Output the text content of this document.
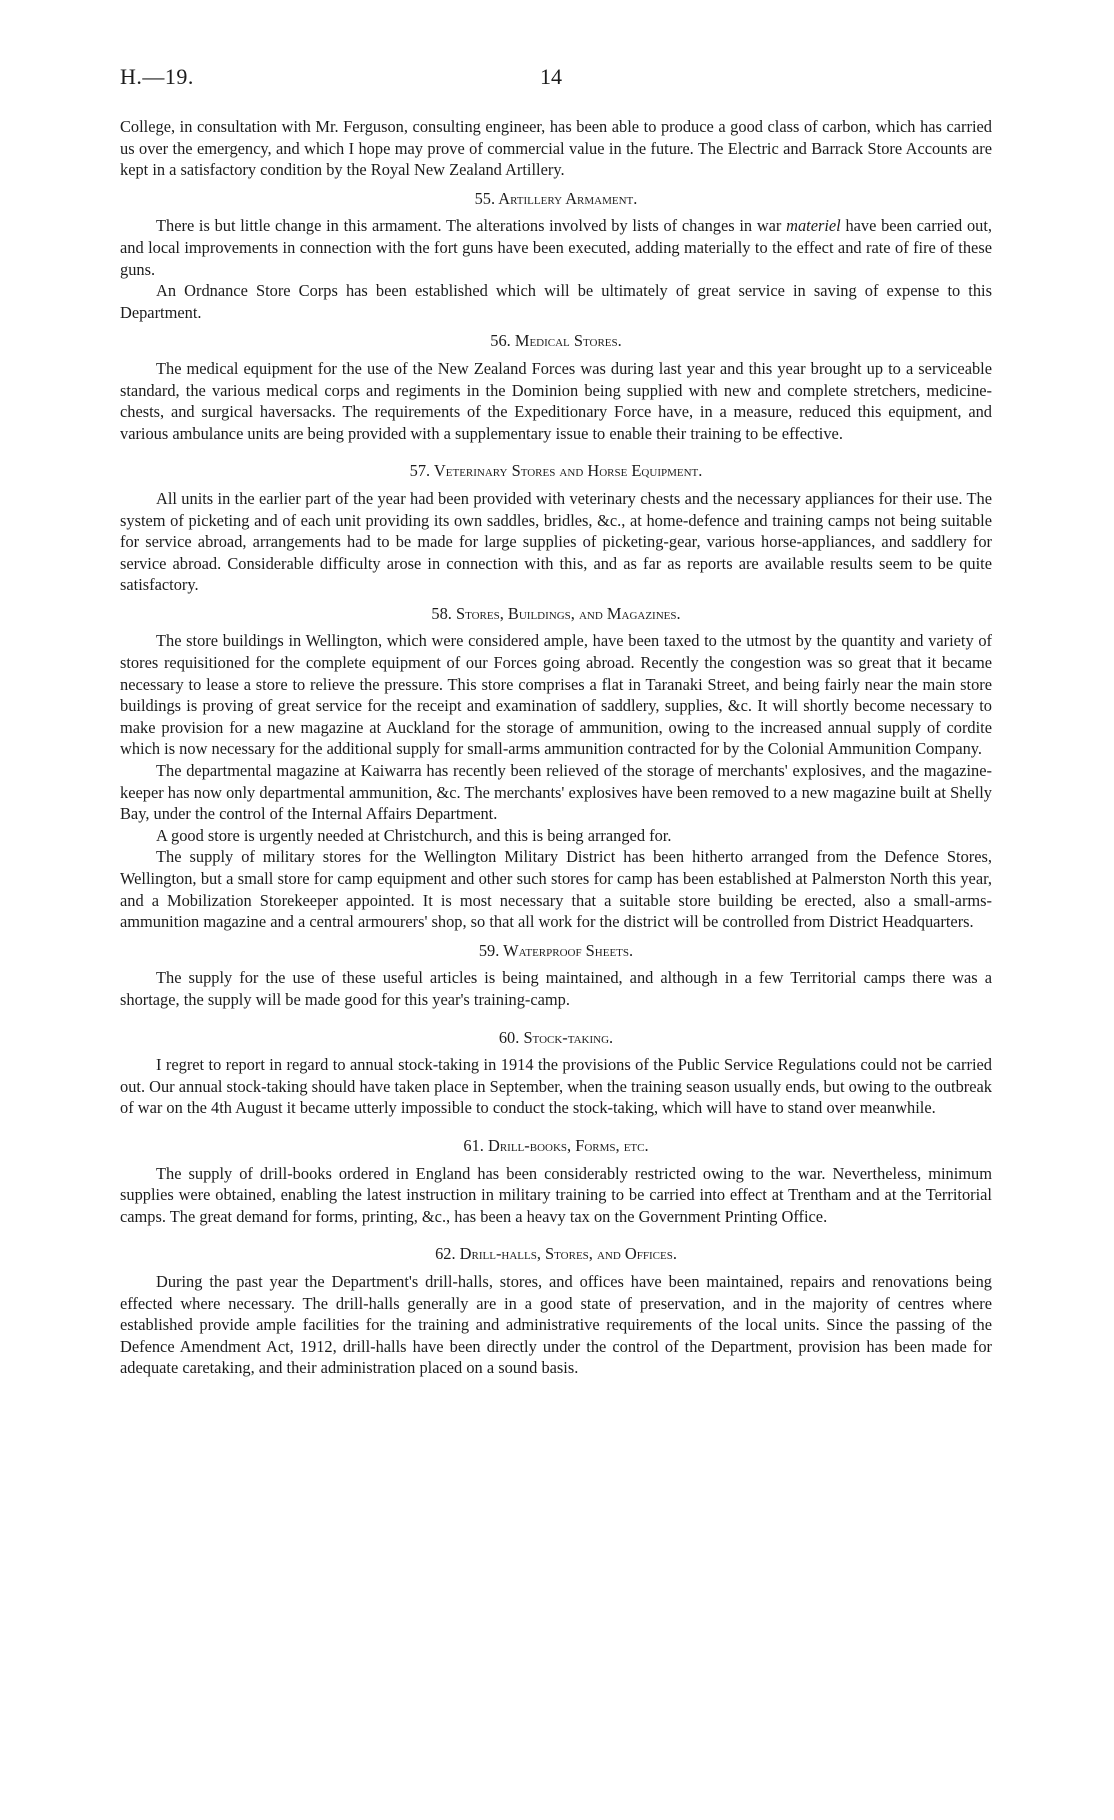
H.—19.	14

College, in consultation with Mr. Ferguson, consulting engineer, has been able to produce a good class of carbon, which has carried us over the emergency, and which I hope may prove of commercial value in the future. The Electric and Barrack Store Accounts are kept in a satisfactory condition by the Royal New Zealand Artillery.

55. Artillery Armament.

There is but little change in this armament. The alterations involved by lists of changes in war materiel have been carried out, and local improvements in connection with the fort guns have been executed, adding materially to the effect and rate of fire of these guns.

An Ordnance Store Corps has been established which will be ultimately of great service in saving of expense to this Department.

56. Medical Stores.

The medical equipment for the use of the New Zealand Forces was during last year and this year brought up to a serviceable standard, the various medical corps and regiments in the Dominion being supplied with new and complete stretchers, medicine-chests, and surgical haversacks. The requirements of the Expeditionary Force have, in a measure, reduced this equipment, and various ambulance units are being provided with a supplementary issue to enable their training to be effective.

57. Veterinary Stores and Horse Equipment.

All units in the earlier part of the year had been provided with veterinary chests and the necessary appliances for their use. The system of picketing and of each unit providing its own saddles, bridles, &c., at home-defence and training camps not being suitable for service abroad, arrangements had to be made for large supplies of picketing-gear, various horse-appliances, and saddlery for service abroad. Considerable difficulty arose in connection with this, and as far as reports are available results seem to be quite satisfactory.

58. Stores, Buildings, and Magazines.

The store buildings in Wellington, which were considered ample, have been taxed to the utmost by the quantity and variety of stores requisitioned for the complete equipment of our Forces going abroad. Recently the congestion was so great that it became necessary to lease a store to relieve the pressure. This store comprises a flat in Taranaki Street, and being fairly near the main store buildings is proving of great service for the receipt and examination of saddlery, supplies, &c. It will shortly become necessary to make provision for a new magazine at Auckland for the storage of ammunition, owing to the increased annual supply of cordite which is now necessary for the additional supply for small-arms ammunition contracted for by the Colonial Ammunition Company.

The departmental magazine at Kaiwarra has recently been relieved of the storage of merchants' explosives, and the magazine-keeper has now only departmental ammunition, &c. The merchants' explosives have been removed to a new magazine built at Shelly Bay, under the control of the Internal Affairs Department.

A good store is urgently needed at Christchurch, and this is being arranged for.

The supply of military stores for the Wellington Military District has been hitherto arranged from the Defence Stores, Wellington, but a small store for camp equipment and other such stores for camp has been established at Palmerston North this year, and a Mobilization Storekeeper appointed. It is most necessary that a suitable store building be erected, also a small-arms-ammunition magazine and a central armourers' shop, so that all work for the district will be controlled from District Headquarters.

59. Waterproof Sheets.

The supply for the use of these useful articles is being maintained, and although in a few Territorial camps there was a shortage, the supply will be made good for this year's training-camp.

60. Stock-taking.

I regret to report in regard to annual stock-taking in 1914 the provisions of the Public Service Regulations could not be carried out. Our annual stock-taking should have taken place in September, when the training season usually ends, but owing to the outbreak of war on the 4th August it became utterly impossible to conduct the stock-taking, which will have to stand over meanwhile.

61. Drill-books, Forms, etc.

The supply of drill-books ordered in England has been considerably restricted owing to the war. Nevertheless, minimum supplies were obtained, enabling the latest instruction in military training to be carried into effect at Trentham and at the Territorial camps. The great demand for forms, printing, &c., has been a heavy tax on the Government Printing Office.

62. Drill-halls, Stores, and Offices.

During the past year the Department's drill-halls, stores, and offices have been maintained, repairs and renovations being effected where necessary. The drill-halls generally are in a good state of preservation, and in the majority of centres where established provide ample facilities for the training and administrative requirements of the local units. Since the passing of the Defence Amendment Act, 1912, drill-halls have been directly under the control of the Department, provision has been made for adequate caretaking, and their administration placed on a sound basis.
